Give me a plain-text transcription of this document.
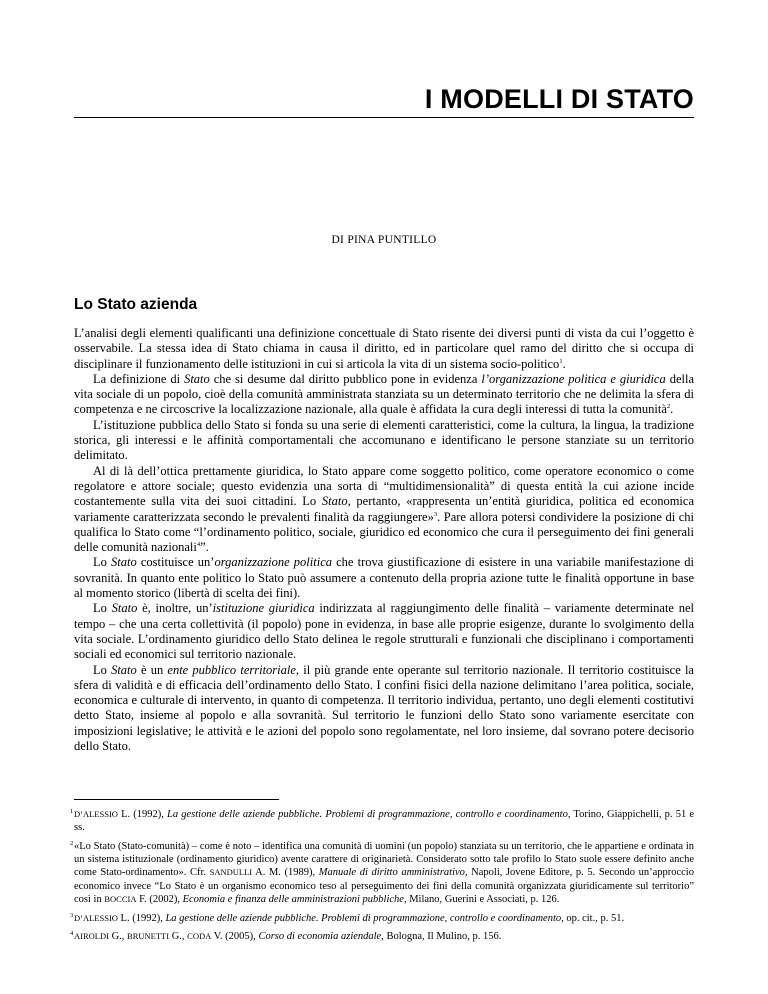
I MODELLI DI STATO
DI PINA PUNTILLO
Lo Stato azienda

L’analisi degli elementi qualificanti una definizione concettuale di Stato risente dei diversi punti di vista da cui l’oggetto è osservabile. La stessa idea di Stato chiama in causa il diritto, ed in particolare quel ramo del diritto che si occupa di disciplinare il funzionamento delle istituzioni in cui si articola la vita di un sistema socio-politico$^1$.

La definizione di Stato che si desume dal diritto pubblico pone in evidenza l’organizzazione politica e giuridica della vita sociale di un popolo, cioè della comunità amministrata stanziata su un determinato territorio che ne delimita la sfera di competenza e ne circoscrive la localizzazione nazionale, alla quale è affidata la cura degli interessi di tutta la comunità$^2$.

L’istituzione pubblica dello Stato si fonda su una serie di elementi caratteristici, come la cultura, la lingua, la tradizione storica, gli interessi e le affinità comportamentali che accomunano e identificano le persone stanziate su un territorio delimitato.

Al di là dell’ottica prettamente giuridica, lo Stato appare come soggetto politico, come operatore economico o come regolatore e attore sociale; questo evidenzia una sorta di “multidimensionalità” di questa entità la cui azione incide costantemente sulla vita dei suoi cittadini. Lo Stato, pertanto, «rappresenta un’entità giuridica, politica ed economica variamente caratterizzata secondo le prevalenti finalità da raggiungere»$^3$. Pare allora potersi condividere la posizione di chi qualifica lo Stato come “l’ordinamento politico, sociale, giuridico ed economico che cura il perseguimento dei fini generali delle comunità nazionali$^4$”.

Lo Stato costituisce un’organizzazione politica che trova giustificazione di esistere in una variabile manifestazione di sovranità. In quanto ente politico lo Stato può assumere a contenuto della propria azione tutte le finalità opportune in base al momento storico (libertà di scelta dei fini).

Lo Stato è, inoltre, un’istituzione giuridica indirizzata al raggiungimento delle finalità – variamente determinate nel tempo – che una certa collettività (il popolo) pone in evidenza, in base alle proprie esigenze, durante lo svolgimento della vita sociale. L’ordinamento giuridico dello Stato delinea le regole strutturali e funzionali che disciplinano i comportamenti sociali ed economici sul territorio nazionale.

Lo Stato è un ente pubblico territoriale, il più grande ente operante sul territorio nazionale. Il territorio costituisce la sfera di validità e di efficacia dell’ordinamento dello Stato. I confini fisici della nazione delimitano l’area politica, sociale, economica e culturale di intervento, in quanto di competenza. Il territorio individua, pertanto, uno degli elementi costitutivi detto Stato, insieme al popolo e alla sovranità. Sul territorio le funzioni dello Stato sono variamente esercitate con imposizioni legislative; le attività e le azioni del popolo sono regolamentate, nel loro insieme, dal sovrano potere decisorio dello Stato.

1 D’ALESSIO L. (1992), La gestione delle aziende pubbliche. Problemi di programmazione, controllo e coordinamento, Torino, Giappichelli, p. 51 e ss.

2 «Lo Stato (Stato-comunità) – come è noto – identifica una comunità di uomini (un popolo) stanziata su un territorio, che le appartiene e ordinata in un sistema istituzionale (ordinamento giuridico) avente carattere di originarietà. Considerato sotto tale profilo lo Stato suole essere definito anche come Stato-ordinamento». Cfr. SANDULLI A. M. (1989), Manuale di diritto amministrativo, Napoli, Jovene Editore, p. 5. Secondo un’approccio economico invece “Lo Stato è un organismo economico teso al perseguimento dei fini della comunità organizzata giuridicamente sul territorio” così in BOCCIA F. (2002), Economia e finanza delle amministrazioni pubbliche, Milano, Guerini e Associati, p. 126.

3 D’ALESSIO L. (1992), La gestione delle aziende pubbliche. Problemi di programmazione, controllo e coordinamento, op. cit., p. 51.

4 AIROLDI G., BRUNETTI G., CODA V. (2005), Corso di economia aziendale, Bologna, Il Mulino, p. 156.
